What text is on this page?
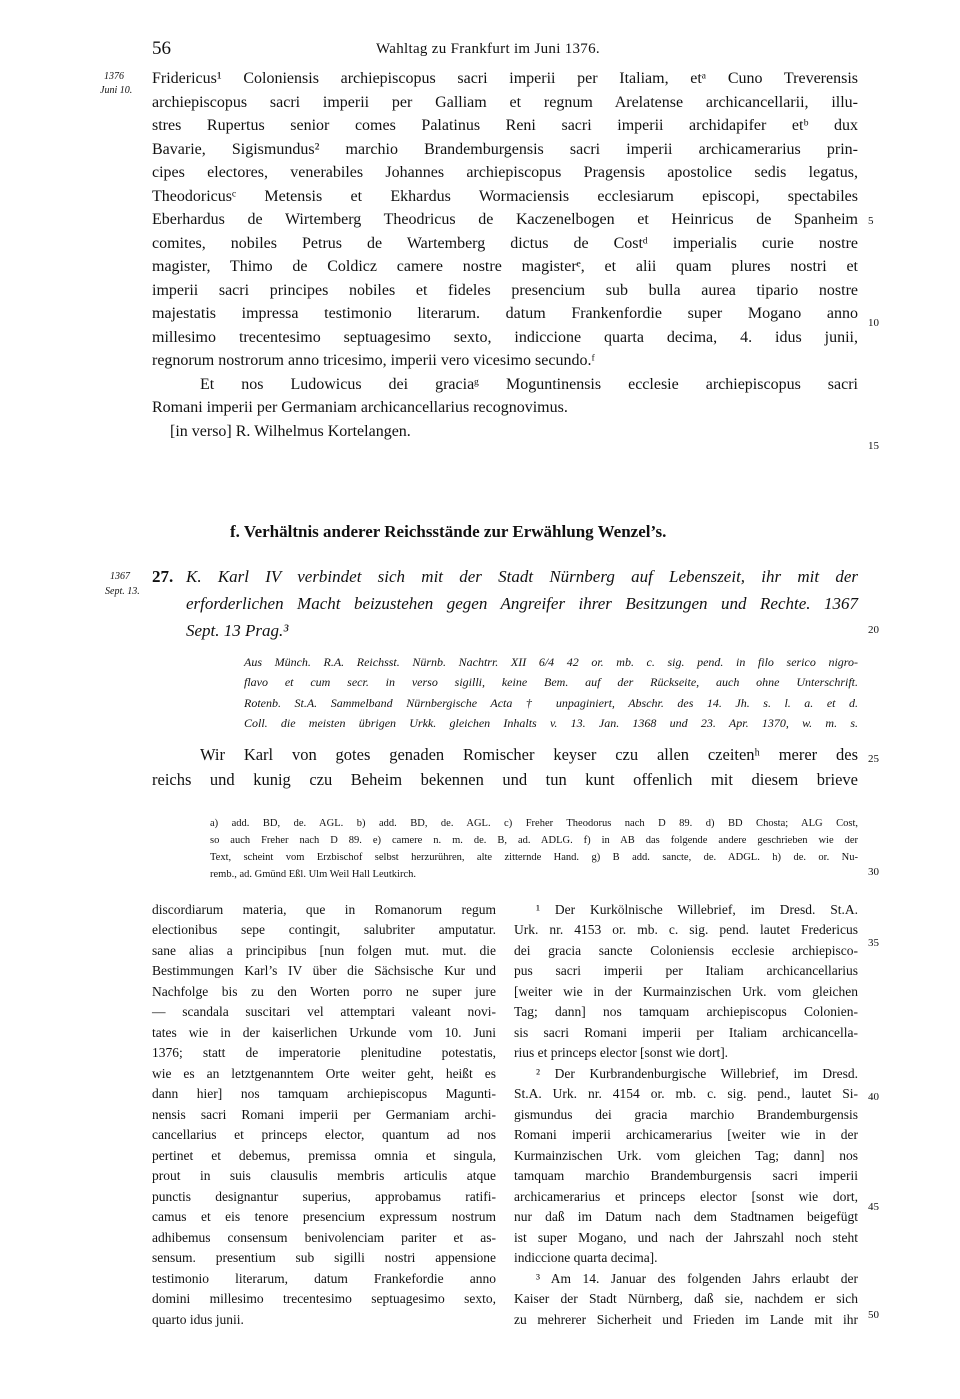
56	Wahltag zu Frankfurt im Juni 1376.
1376
Juni 10.
1367
Sept. 13.
5
10
15
20
25
30
35
40
45
50
Fridericus¹ Coloniensis archiepiscopus sacri imperii per Italiam, etᵃ Cuno Treverensis
archiepiscopus sacri imperii per Galliam et regnum Arelatense archicancellarii, illu-
stres Rupertus senior comes Palatinus Reni sacri imperii archidapifer etᵇ dux
Bavarie, Sigismundus² marchio Brandemburgensis sacri imperii archicamerarius prin-
cipes electores, venerabiles Johannes archiepiscopus Pragensis apostolice sedis legatus,
Theodoricusᶜ Metensis et Ekhardus Wormaciensis ecclesiarum episcopi, spectabiles
Eberhardus de Wirtemberg Theodricus de Kaczenelbogen et Heinricus de Spanheim
comites, nobiles Petrus de Wartemberg dictus de Costᵈ imperialis curie nostre
magister, Thimo de Coldicz camere nostre magisterᵉ, et alii quam plures nostri et
imperii sacri principes nobiles et fideles presencium sub bulla aurea tipario nostre
majestatis impressa testimonio literarum. datum Frankenfordie super Mogano anno
millesimo trecentesimo septuagesimo sexto, indiccione quarta decima, 4. idus junii,
regnorum nostrorum anno tricesimo, imperii vero vicesimo secundo.ᶠ
Et nos Ludowicus dei graciaᵍ Moguntinensis ecclesie archiepiscopus sacri
Romani imperii per Germaniam archicancellarius recognovimus.
[in verso] R. Wilhelmus Kortelangen.
f. Verhältnis anderer Reichsstände zur Erwählung Wenzel’s.
27. K. Karl IV verbindet sich mit der Stadt Nürnberg auf Lebenszeit, ihr mit der
erforderlichen Macht beizustehen gegen Angreifer ihrer Besitzungen und Rechte. 1367
Sept. 13 Prag.³
Aus Münch. R.A. Reichsst. Nürnb. Nachtrr. XII 6/4 42 or. mb. c. sig. pend. in filo serico nigro-
flavo et cum secr. in verso sigilli, keine Bem. auf der Rückseite, auch ohne Unterschrift.
Rotenb. St.A. Sammelband Nürnbergische Acta † unpaginiert, Abschr. des 14. Jh. s. l. a. et d.
Coll. die meisten übrigen Urkk. gleichen Inhalts v. 13. Jan. 1368 und 23. Apr. 1370, w. m. s.
Wir Karl von gotes genaden Romischer keyser czu allen czeitenʰ merer des
reichs und kunig czu Beheim bekennen und tun kunt offenlich mit diesem brieve
a) add. BD, de. AGL. b) add. BD, de. AGL. c) Freher Theodorus nach D 89. d) BD Chosta; ALG Cost,
so auch Freher nach D 89. e) camere n. m. de. B, ad. ADLG. f) in AB das folgende andere geschrieben wie der
Text, scheint vom Erzbischof selbst herzurühren, alte zitternde Hand. g) B add. sancte, de. ADGL. h) de. or. Nu-
remb., ad. Gmünd Eßl. Ulm Weil Hall Leutkirch.
discordiarum materia, que in Romanorum regum
electionibus sepe contingit, salubriter amputatur.
sane alias a principibus [nun folgen mut. mut. die
Bestimmungen Karl’s IV über die Sächsische Kur und
Nachfolge bis zu den Worten porro ne super jure
— scandala suscitari vel attemptari valeant novi-
tates wie in der kaiserlichen Urkunde vom 10. Juni
1376; statt de imperatorie plenitudine potestatis,
wie es an letztgenanntem Orte weiter geht, heißt es
dann hier] nos tamquam archiepiscopus Magunti-
nensis sacri Romani imperii per Germaniam archi-
cancellarius et princeps elector, quantum ad nos
pertinet et debemus, premissa omnia et singula,
prout in suis clausulis membris articulis atque
punctis designantur superius, approbamus ratifi-
camus et eis tenore presencium expressum nostrum
adhibemus consensum benivolenciam pariter et as-
sensum. presentium sub sigilli nostri appensione
testimonio literarum, datum Frankefordie anno
domini millesimo trecentesimo septuagesimo sexto,
quarto idus junii.
¹ Der Kurkölnische Willebrief, im Dresd. St.A.
Urk. nr. 4153 or. mb. c. sig. pend. lautet Fredericus
dei gracia sancte Coloniensis ecclesie archiepisco-
pus sacri imperii per Italiam archicancellarius
[weiter wie in der Kurmainzischen Urk. vom gleichen
Tag; dann] nos tamquam archiepiscopus Colonien-
sis sacri Romani imperii per Italiam archicancella-
rius et princeps elector [sonst wie dort].
² Der Kurbrandenburgische Willebrief, im Dresd.
St.A. Urk. nr. 4154 or. mb. c. sig. pend., lautet Si-
gismundus dei gracia marchio Brandemburgensis
Romani imperii archicamerarius [weiter wie in der
Kurmainzischen Urk. vom gleichen Tag; dann] nos
tamquam marchio Brandemburgensis sacri imperii
archicamerarius et princeps elector [sonst wie dort,
nur daß im Datum nach dem Stadtnamen beigefügt
ist super Mogano, und nach der Jahrszahl noch steht
indiccione quarta decima].
³ Am 14. Januar des folgenden Jahrs erlaubt der
Kaiser der Stadt Nürnberg, daß sie, nachdem er sich
zu mehrerer Sicherheit und Frieden im Lande mit ihr
